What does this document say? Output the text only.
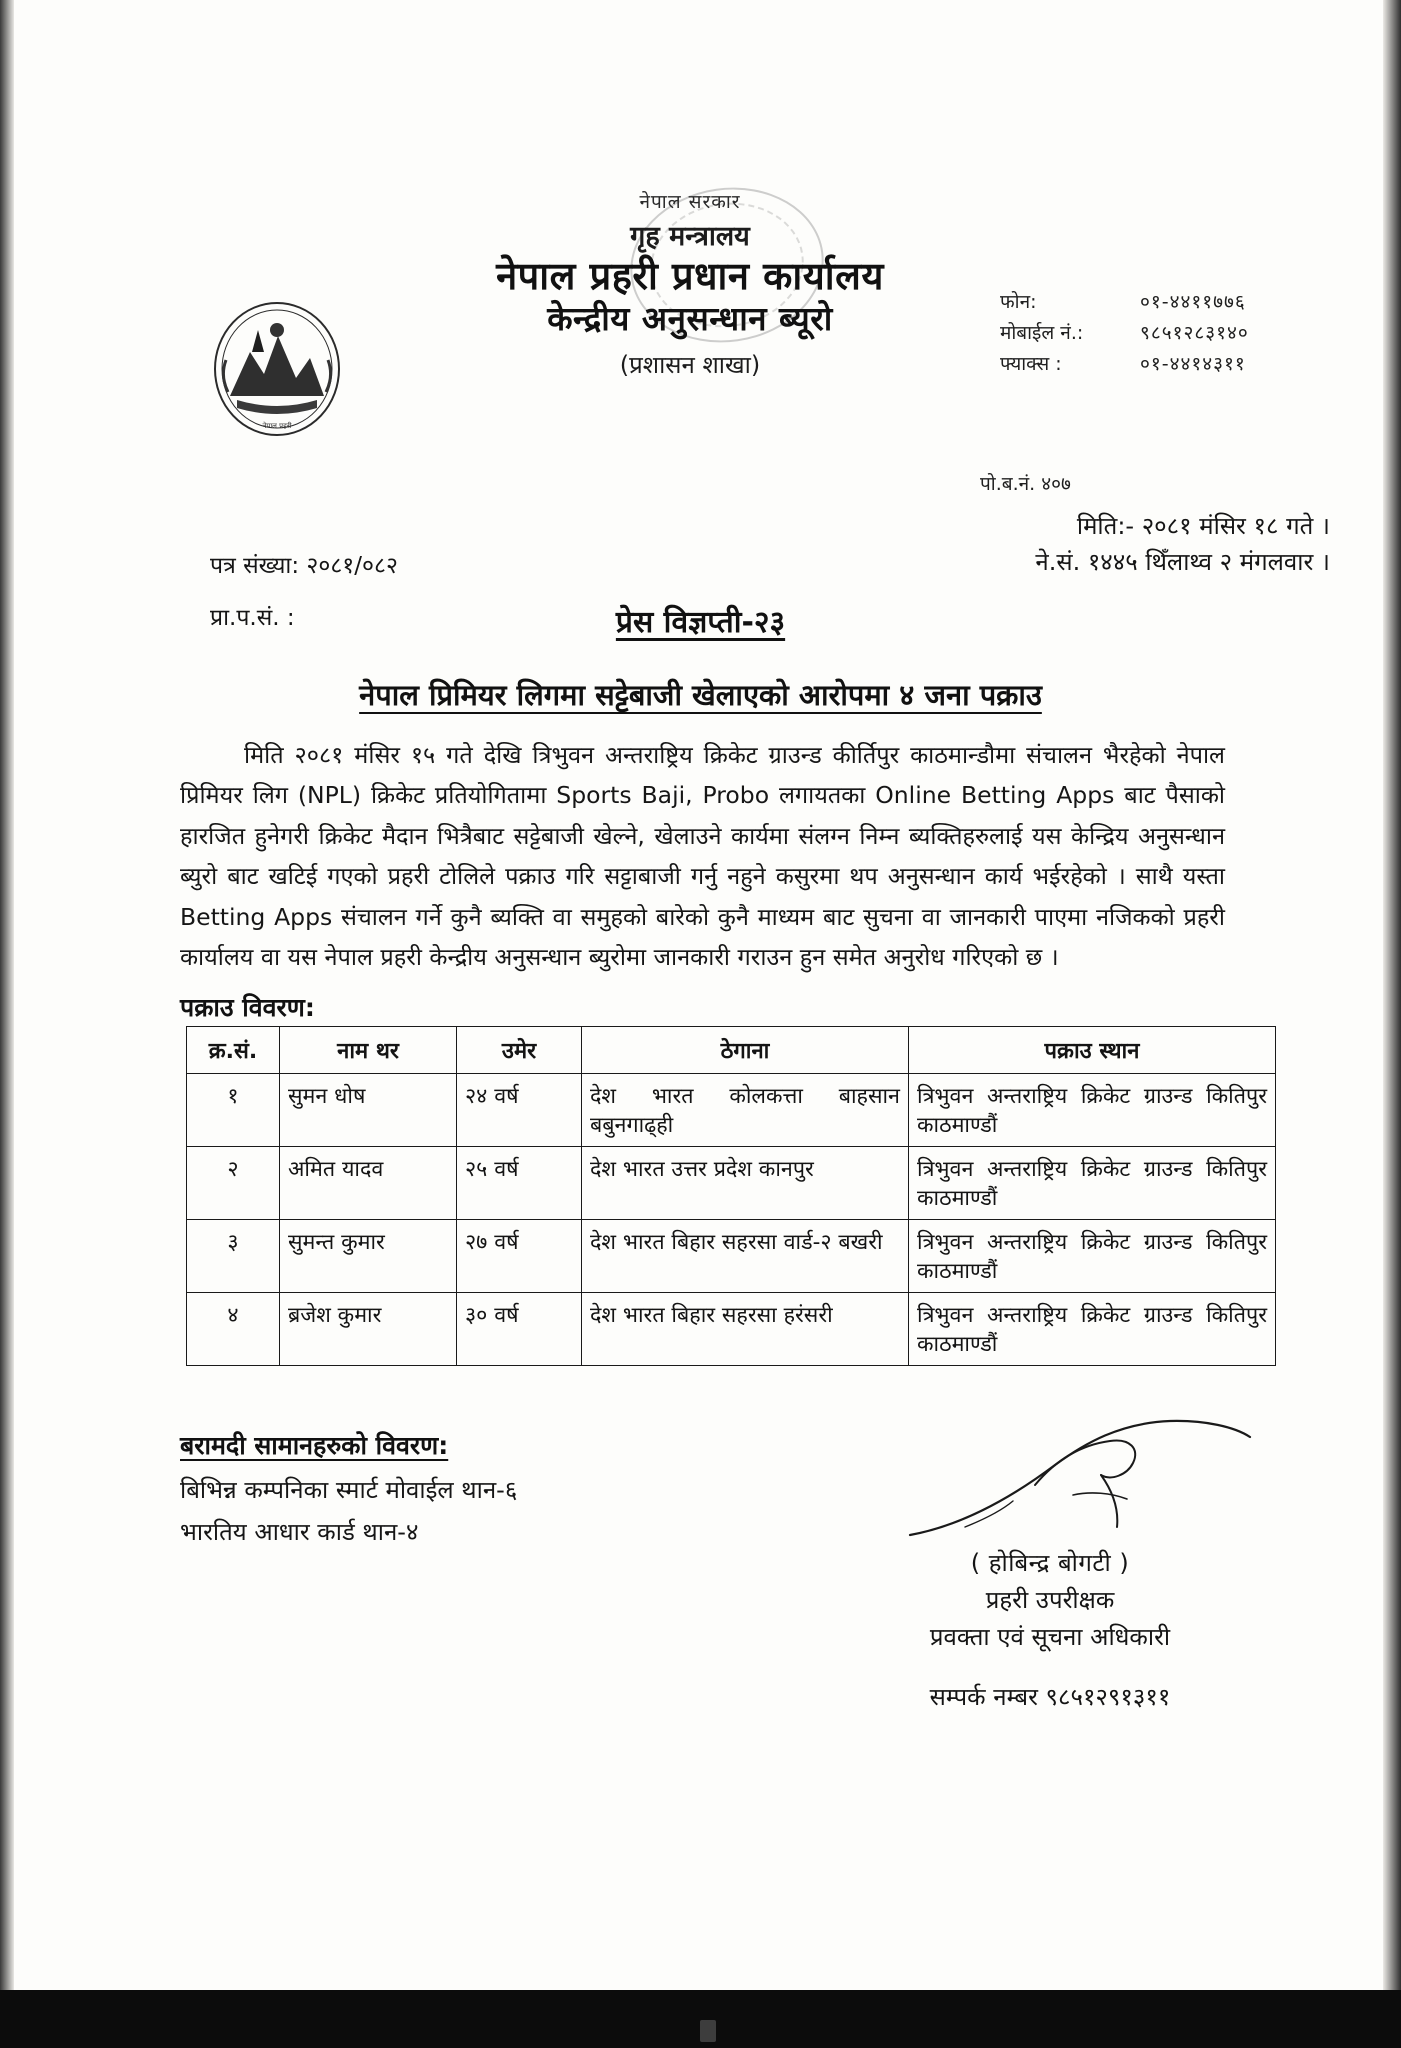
नेपाल प्रहरी
नेपाल सरकार
गृह मन्त्रालय
नेपाल प्रहरी प्रधान कार्यालय
केन्द्रीय अनुसन्धान ब्यूरो
(प्रशासन शाखा)
फोन:	०१-४४११७७६
मोबाईल नं.:	९८५१२८३१४०
फ्याक्स :	०१-४४१४३११
पो.ब.नं. ४०७
मिति:- २०८१ मंसिर १८ गते ।
ने.सं. १४४५ थिँलाथ्व २ मंगलवार ।
पत्र संख्या: २०८१/०८२
प्रा.प.सं. :	प्रेस विज्ञप्ती-२३
नेपाल प्रिमियर लिगमा सट्टेबाजी खेलाएको आरोपमा ४ जना पक्राउ
मिति २०८१ मंसिर १५ गते देखि त्रिभुवन अन्तराष्ट्रिय क्रिकेट ग्राउन्ड कीर्तिपुर काठमान्डौमा संचालन भैरहेको नेपाल प्रिमियर लिग (NPL) क्रिकेट प्रतियोगितामा Sports Baji, Probo लगायतका Online Betting Apps बाट पैसाको हारजित हुनेगरी क्रिकेट मैदान भित्रैबाट सट्टेबाजी खेल्ने, खेलाउने कार्यमा संलग्न निम्न ब्यक्तिहरुलाई यस केन्द्रिय अनुसन्धान ब्युरो बाट खटिई गएको प्रहरी टोलिले पक्राउ गरि सट्टाबाजी गर्नु नहुने कसुरमा थप अनुसन्धान कार्य भईरहेको । साथै यस्ता Betting Apps संचालन गर्ने कुनै ब्यक्ति वा समुहको बारेको कुनै माध्यम बाट सुचना वा जानकारी पाएमा नजिकको प्रहरी कार्यालय वा यस नेपाल प्रहरी केन्द्रीय अनुसन्धान ब्युरोमा जानकारी गराउन हुन समेत अनुरोध गरिएको छ ।
पक्राउ विवरण:
क्र.सं.	नाम थर	उमेर	ठेगाना	पक्राउ स्थान
१	सुमन धोष	२४ वर्ष	देश भारत कोलकत्ता बाहसान बबुनगाढ्ही	त्रिभुवन अन्तराष्ट्रिय क्रिकेट ग्राउन्ड कितिपुर काठमाण्डौं
२	अमित यादव	२५ वर्ष	देश भारत उत्तर प्रदेश कानपुर	त्रिभुवन अन्तराष्ट्रिय क्रिकेट ग्राउन्ड कितिपुर काठमाण्डौं
३	सुमन्त कुमार	२७ वर्ष	देश भारत बिहार सहरसा वार्ड-२ बखरी	त्रिभुवन अन्तराष्ट्रिय क्रिकेट ग्राउन्ड कितिपुर काठमाण्डौं
४	ब्रजेश कुमार	३० वर्ष	देश भारत बिहार सहरसा हरंसरी	त्रिभुवन अन्तराष्ट्रिय क्रिकेट ग्राउन्ड कितिपुर काठमाण्डौं
बरामदी सामानहरुको विवरण:
बिभिन्न कम्पनिका स्मार्ट मोवाईल थान-६
भारतिय आधार कार्ड थान-४
( होबिन्द्र बोगटी )
प्रहरी उपरीक्षक
प्रवक्ता एवं सूचना अधिकारी
सम्पर्क नम्बर ९८५१२९१३११
